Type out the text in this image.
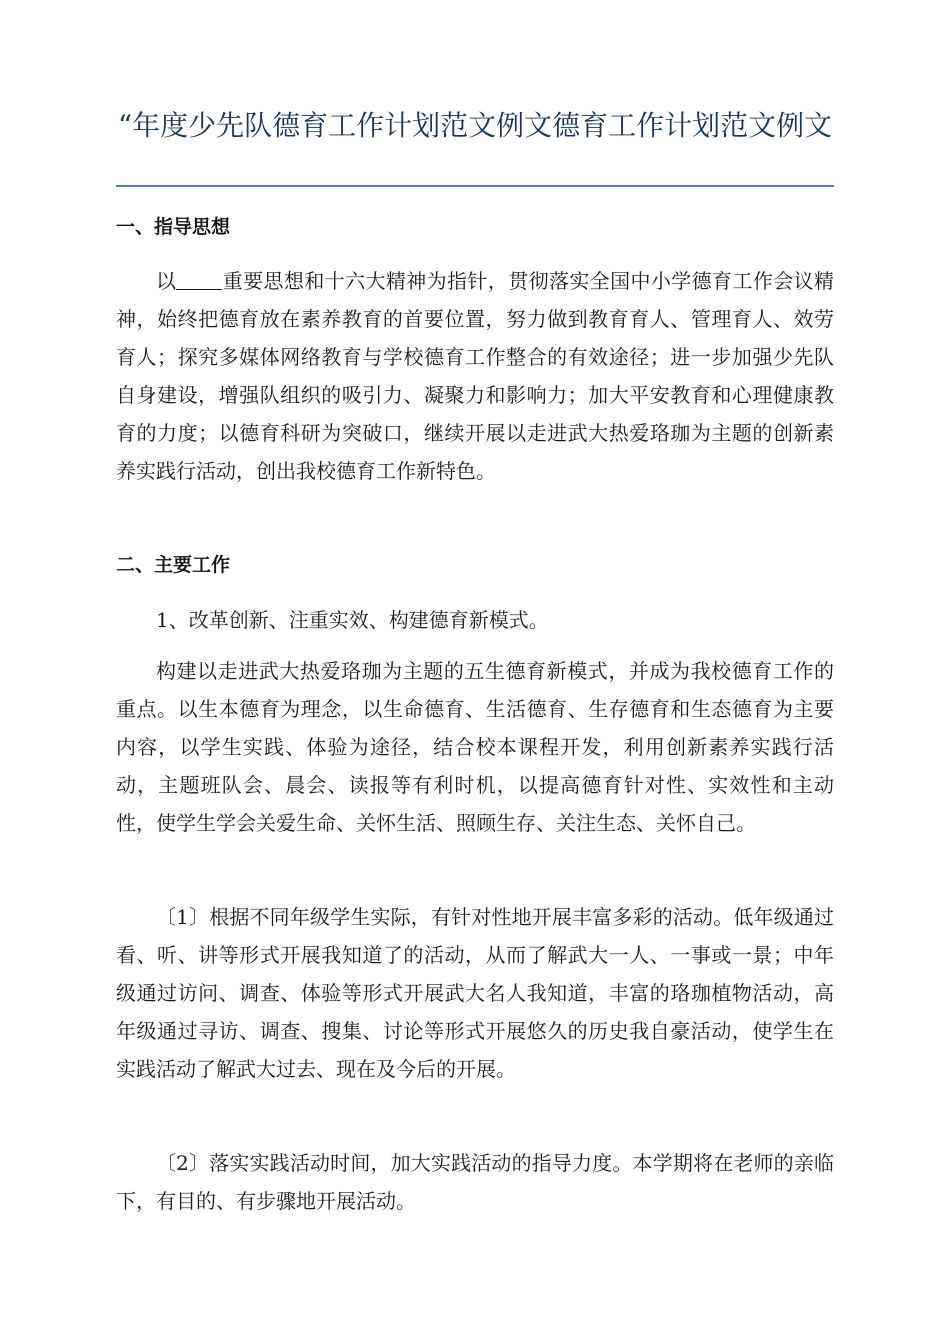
“年度少先队德育工作计划范文例文德育工作计划范文例文
一、指导思想

以 重要思想和十六大精神为指针，贯彻落实全国中小学德育工作会议精神，始终把德育放在素养教育的首要位置，努力做到教育育人、管理育人、效劳育人；探究多媒体网络教育与学校德育工作整合的有效途径；进一步加强少先队自身建设，增强队组织的吸引力、凝聚力和影响力；加大平安教育和心理健康教育的力度；以德育科研为突破口，继续开展以走进武大热爱珞珈为主题的创新素养实践行活动，创出我校德育工作新特色。

二、主要工作

1、改革创新、注重实效、构建德育新模式。

构建以走进武大热爱珞珈为主题的五生德育新模式，并成为我校德育工作的重点。以生本德育为理念，以生命德育、生活德育、生存德育和生态德育为主要内容，以学生实践、体验为途径，结合校本课程开发，利用创新素养实践行活动，主题班队会、晨会、读报等有利时机，以提高德育针对性、实效性和主动性，使学生学会关爱生命、关怀生活、照顾生存、关注生态、关怀自己。

〔1〕根据不同年级学生实际，有针对性地开展丰富多彩的活动。低年级通过看、听、讲等形式开展我知道了的活动，从而了解武大一人、一事或一景；中年级通过访问、调查、体验等形式开展武大名人我知道，丰富的珞珈植物活动，高年级通过寻访、调查、搜集、讨论等形式开展悠久的历史我自豪活动，使学生在实践活动了解武大过去、现在及今后的开展。

〔2〕落实实践活动时间，加大实践活动的指导力度。本学期将在老师的亲临下，有目的、有步骤地开展活动。
